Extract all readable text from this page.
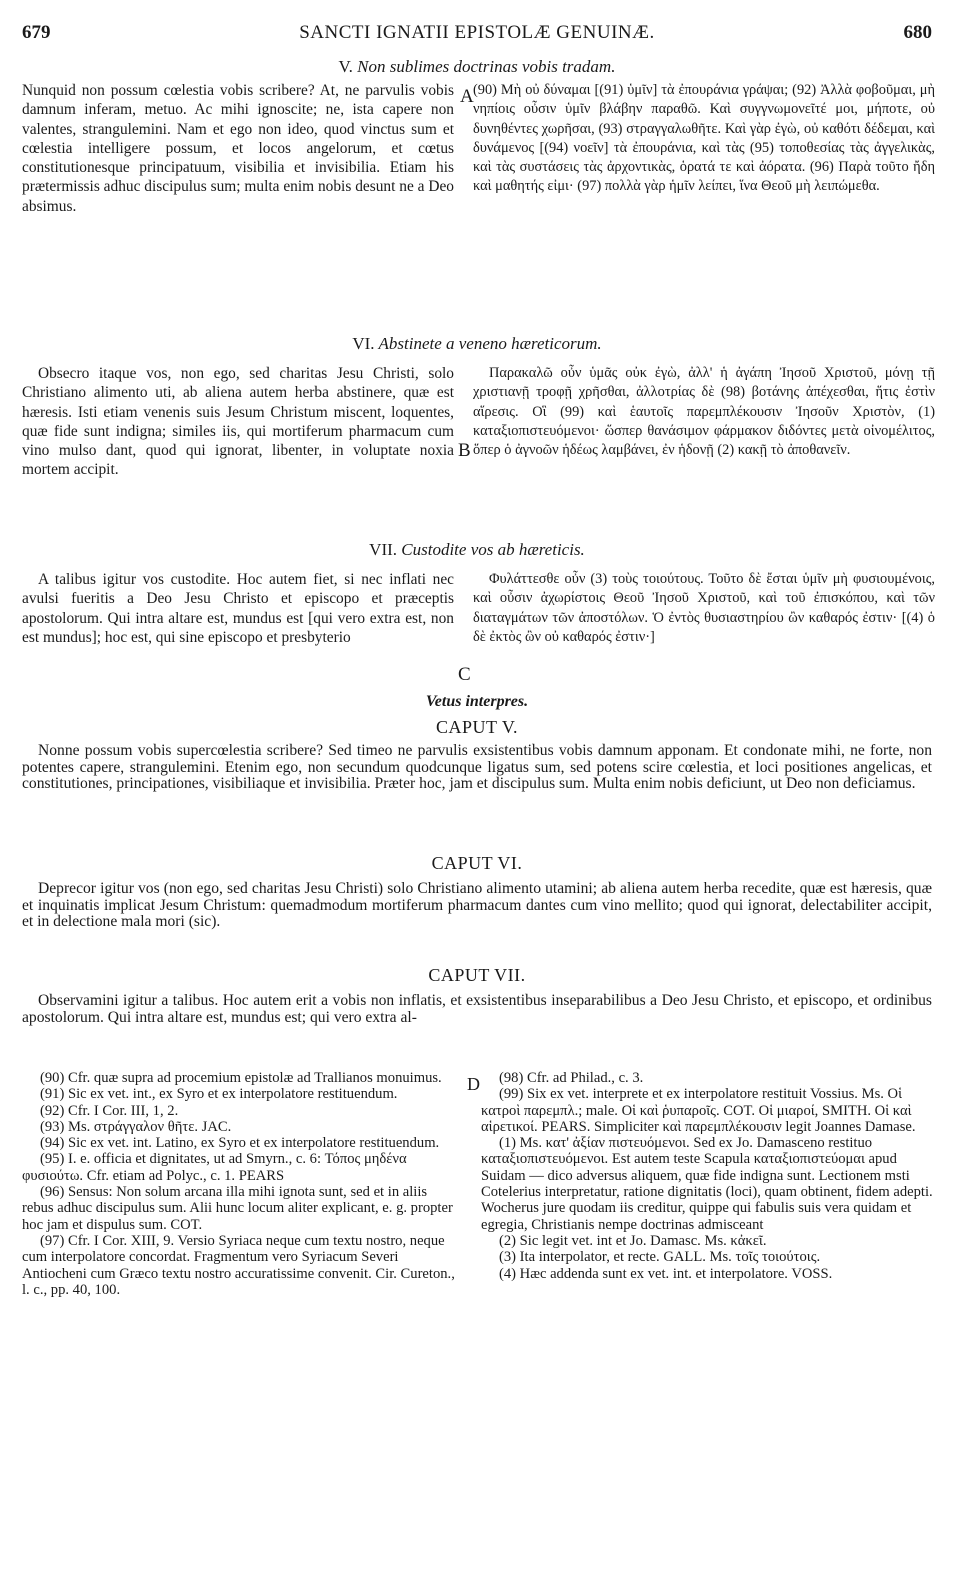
679	SANCTI IGNATII EPISTOLÆ GENUINÆ.	680
V. Non sublimes doctrinas vobis tradam.

Nunquid non possum cœlestia vobis scribere? At, ne parvulis vobis damnum inferam, metuo. Ac mihi ignoscite; ne, ista capere non valentes, strangulemini. Nam et ego non ideo, quod vinctus sum et cœlestia intelligere possum, et locos angelorum, et cœtus constitutionesque principatuum, visibilia et invisibilia. Etiam his prætermissis adhuc discipulus sum; multa enim nobis desunt ne a Deo absimus.

A (90) Μὴ οὐ δύναμαι [(91) ὑμῖν] τὰ ἐπουράνια γράψαι; (92) Ἀλλὰ φοβοῦμαι, μὴ νηπίοις οὖσιν ὑμῖν βλάβην παραθῶ. Καὶ συγγνωμονεῖτέ μοι, μήποτε, οὐ δυνηθέντες χωρῆσαι, (93) στραγγαλωθῆτε. Καὶ γὰρ ἐγὼ, οὐ καθότι δέδεμαι, καὶ δυνάμενος [(94) νοεῖν] τὰ ἐπουράνια, καὶ τὰς (95) τοποθεσίας τὰς ἀγγελικὰς, καὶ τὰς συστάσεις τὰς ἀρχοντικὰς, ὁρατά τε καὶ ἀόρατα. (96) Παρὰ τοῦτο ἤδη καὶ μαθητής εἰμι· (97) πολλὰ γὰρ ἡμῖν λείπει, ἵνα Θεοῦ μὴ λειπώμεθα.

VI. Abstinete a veneno hæreticorum.

Obsecro itaque vos, non ego, sed charitas Jesu Christi, solo Christiano alimento uti, ab aliena autem herba abstinere, quæ est hæresis. Isti etiam venenis suis Jesum Christum miscent, loquentes, quæ fide sunt indigna; similes iis, qui mortiferum pharmacum cum vino mulso dant, quod qui ignorat, libenter, in voluptate noxia mortem accipit.

B

Παρακαλῶ οὖν ὑμᾶς οὐκ ἐγὼ, ἀλλ' ἡ ἀγάπη Ἰησοῦ Χριστοῦ, μόνῃ τῇ χριστιανῇ τροφῇ χρῆσθαι, ἀλλοτρίας δὲ (98) βοτάνης ἀπέχεσθαι, ἥτις ἐστὶν αἵρεσις. Οἳ (99) καὶ ἑαυτοῖς παρεμπλέκουσιν Ἰησοῦν Χριστὸν, (1) καταξιοπιστευόμενοι· ὥσπερ θανάσιμον φάρμακον διδόντες μετὰ οἰνομέλιτος, ὅπερ ὁ ἀγνοῶν ἡδέως λαμβάνει, ἐν ἡδονῇ (2) κακῇ τὸ ἀποθανεῖν.

VII. Custodite vos ab hæreticis.

A talibus igitur vos custodite. Hoc autem fiet, si nec inflati nec avulsi fueritis a Deo Jesu Christo et episcopo et præceptis apostolorum. Qui intra altare est, mundus est [qui vero extra est, non est mundus]; hoc est, qui sine episcopo et presbyterio

C

Φυλάττεσθε οὖν (3) τοὺς τοιούτους. Τοῦτο δὲ ἔσται ὑμῖν μὴ φυσιουμένοις, καὶ οὖσιν ἀχωρίστοις Θεοῦ Ἰησοῦ Χριστοῦ, καὶ τοῦ ἐπισκόπου, καὶ τῶν διαταγμάτων τῶν ἀποστόλων. Ὁ ἐντὸς θυσιαστηρίου ὢν καθαρός ἐστιν· [(4) ὁ δὲ ἐκτὸς ὢν οὐ καθαρός ἐστιν·]

Vetus interpres.
CAPUT V.

Nonne possum vobis supercœlestia scribere? Sed timeo ne parvulis exsistentibus vobis damnum apponam. Et condonate mihi, ne forte, non potentes capere, strangulemini. Etenim ego, non secundum quodcunque ligatus sum, sed potens scire cœlestia, et loci positiones angelicas, et constitutiones, principationes, visibiliaque et invisibilia. Præter hoc, jam et discipulus sum. Multa enim nobis deficiunt, ut Deo non deficiamus.

CAPUT VI.

Deprecor igitur vos (non ego, sed charitas Jesu Christi) solo Christiano alimento utamini; ab aliena autem herba recedite, quæ est hæresis, quæ et inquinatis implicat Jesum Christum: quemadmodum mortiferum pharmacum dantes cum vino mellito; quod qui ignorat, delectabiliter accipit, et in delectione mala mori (sic).

CAPUT VII.

Observamini igitur a talibus. Hoc autem erit a vobis non inflatis, et exsistentibus inseparabilibus a Deo Jesu Christo, et episcopo, et ordinibus apostolorum. Qui intra altare est, mundus est; qui vero extra al-

(90) Cfr. quæ supra ad procemium epistolæ ad Trallianos monuimus.
(91) Sic ex vet. int., ex Syro et ex interpolatore restituendum.
(92) Cfr. I Cor. III, 1, 2.
(93) Ms. στράγγαλον θῆτε. JAC.
(94) Sic ex vet. int. Latino, ex Syro et ex interpolatore restituendum.
(95) I. e. officia et dignitates, ut ad Smyrn., c. 6: Τόπος μηδένα φυσιούτω. Cfr. etiam ad Polyc., c. 1. PEARS
(96) Sensus: Non solum arcana illa mihi ignota sunt, sed et in aliis rebus adhuc discipulus sum. Alii hunc locum aliter explicant, e. g. propter hoc jam et dispulus sum. COT.
(97) Cfr. I Cor. XIII, 9. Versio Syriaca neque cum textu nostro, neque cum interpolatore concordat. Fragmentum vero Syriacum Severi Antiocheni cum Græco textu nostro accuratissime convenit. Cir. Cureton., l. c., pp. 40, 100.
D	(98) Cfr. ad Philad., c. 3.
(99) Six ex vet. interprete et ex interpolatore restituit Vossius. Ms. Οἱ κατροὶ παρεμπλ.; male. Οἱ καὶ ῥυπαροῖς. COT. Οἱ μιαροί, SMITH. Οἱ καὶ αἱρετικοί. PEARS. Simpliciter καὶ παρεμπλέκουσιν legit Joannes Damase.
(1) Ms. κατ' ἀξίαν πιστευόμενοι. Sed ex Jo. Damasceno restituo καταξιοπιστευόμενοι. Est autem teste Scapula καταξιοπιστεύομαι apud Suidam — dico adversus aliquem, quæ fide indigna sunt. Lectionem msti Cotelerius interpretatur, ratione dignitatis (loci), quam obtinent, fidem adepti. Wocherus jure quodam iis creditur, quippe qui fabulis suis vera quidam et egregia, Christianis nempe doctrinas admisceant
(2) Sic legit vet. int et Jo. Damasc. Ms. κἀκεῖ.
(3) Ita interpolator, et recte. GALL. Ms. τοῖς τοιούτοις.
(4) Hæc addenda sunt ex vet. int. et interpolatore. VOSS.
